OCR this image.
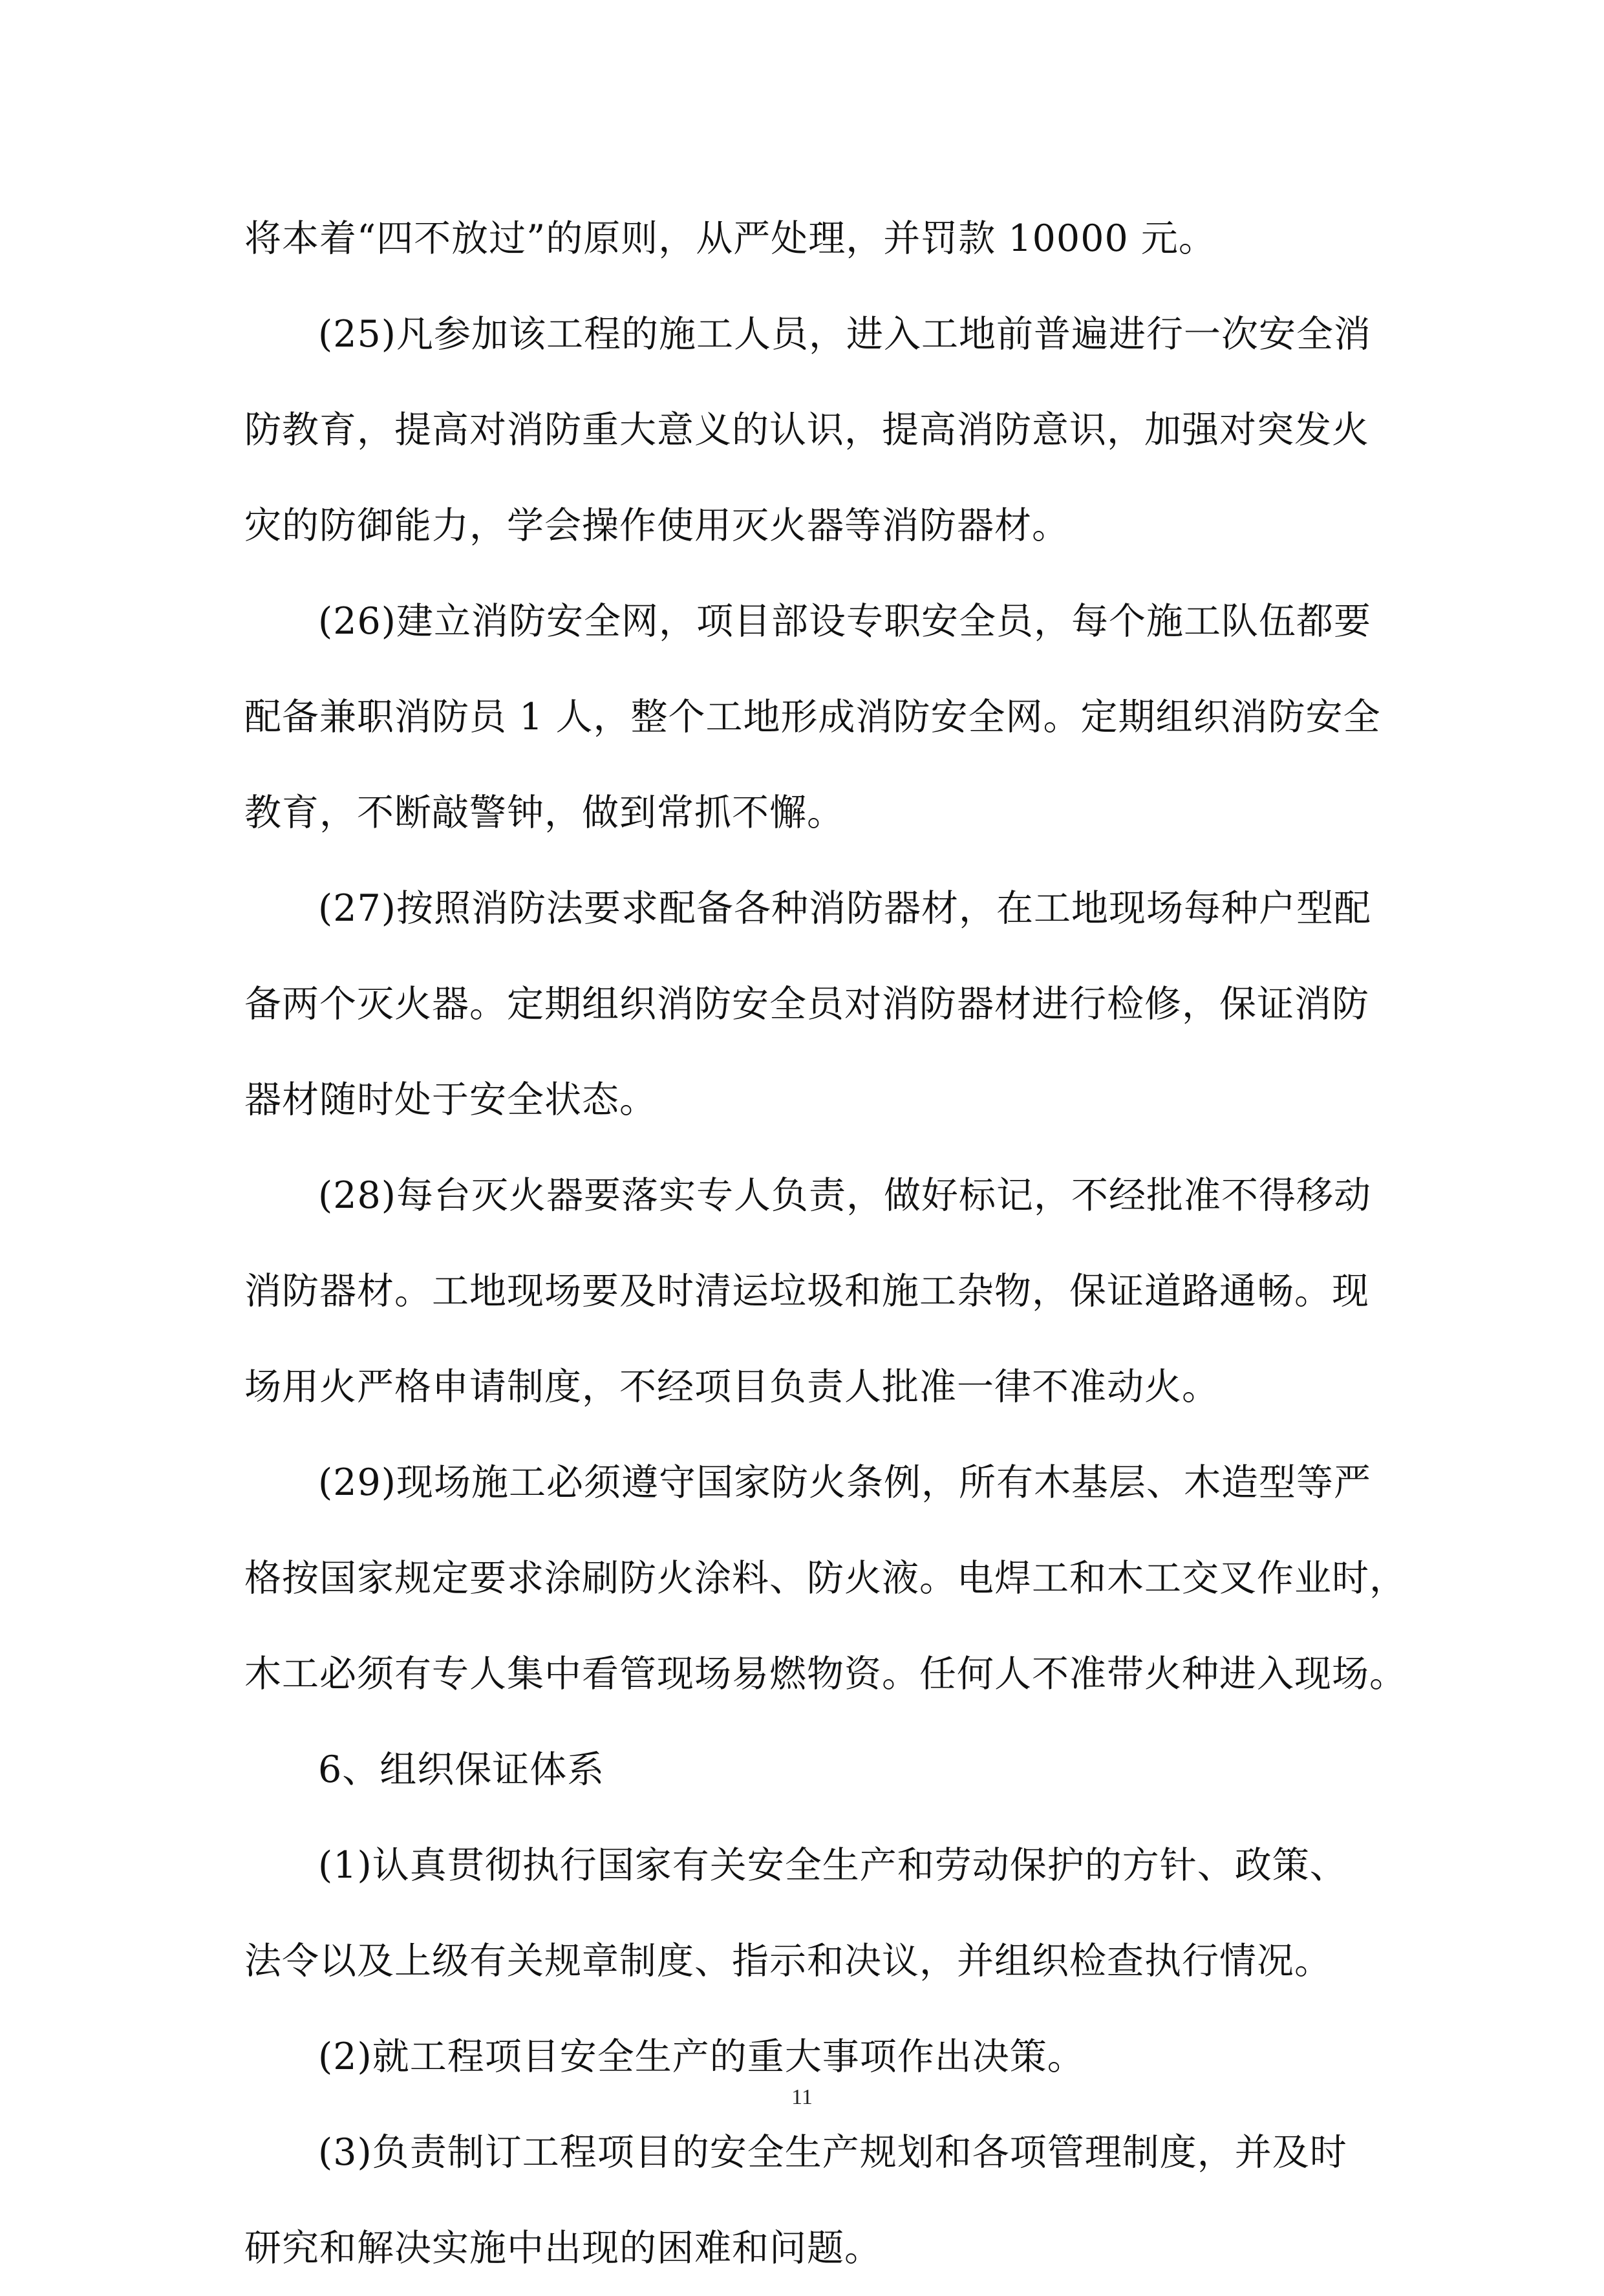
将本着“四不放过”的原则，从严处理，并罚款 10000 元。
(25)凡参加该工程的施工人员，进入工地前普遍进行一次安全消
防教育，提高对消防重大意义的认识，提高消防意识，加强对突发火
灾的防御能力，学会操作使用灭火器等消防器材。
(26)建立消防安全网，项目部设专职安全员，每个施工队伍都要
配备兼职消防员 1 人，整个工地形成消防安全网。定期组织消防安全
教育，不断敲警钟，做到常抓不懈。
(27)按照消防法要求配备各种消防器材，在工地现场每种户型配
备两个灭火器。定期组织消防安全员对消防器材进行检修，保证消防
器材随时处于安全状态。
(28)每台灭火器要落实专人负责，做好标记，不经批准不得移动
消防器材。工地现场要及时清运垃圾和施工杂物，保证道路通畅。现
场用火严格申请制度，不经项目负责人批准一律不准动火。
(29)现场施工必须遵守国家防火条例，所有木基层、木造型等严
格按国家规定要求涂刷防火涂料、防火液。电焊工和木工交叉作业时，
木工必须有专人集中看管现场易燃物资。任何人不准带火种进入现场。
6、组织保证体系
(1)认真贯彻执行国家有关安全生产和劳动保护的方针、政策、
法令以及上级有关规章制度、指示和决议，并组织检查执行情况。
(2)就工程项目安全生产的重大事项作出决策。
(3)负责制订工程项目的安全生产规划和各项管理制度，并及时
研究和解决实施中出现的困难和问题。
11
